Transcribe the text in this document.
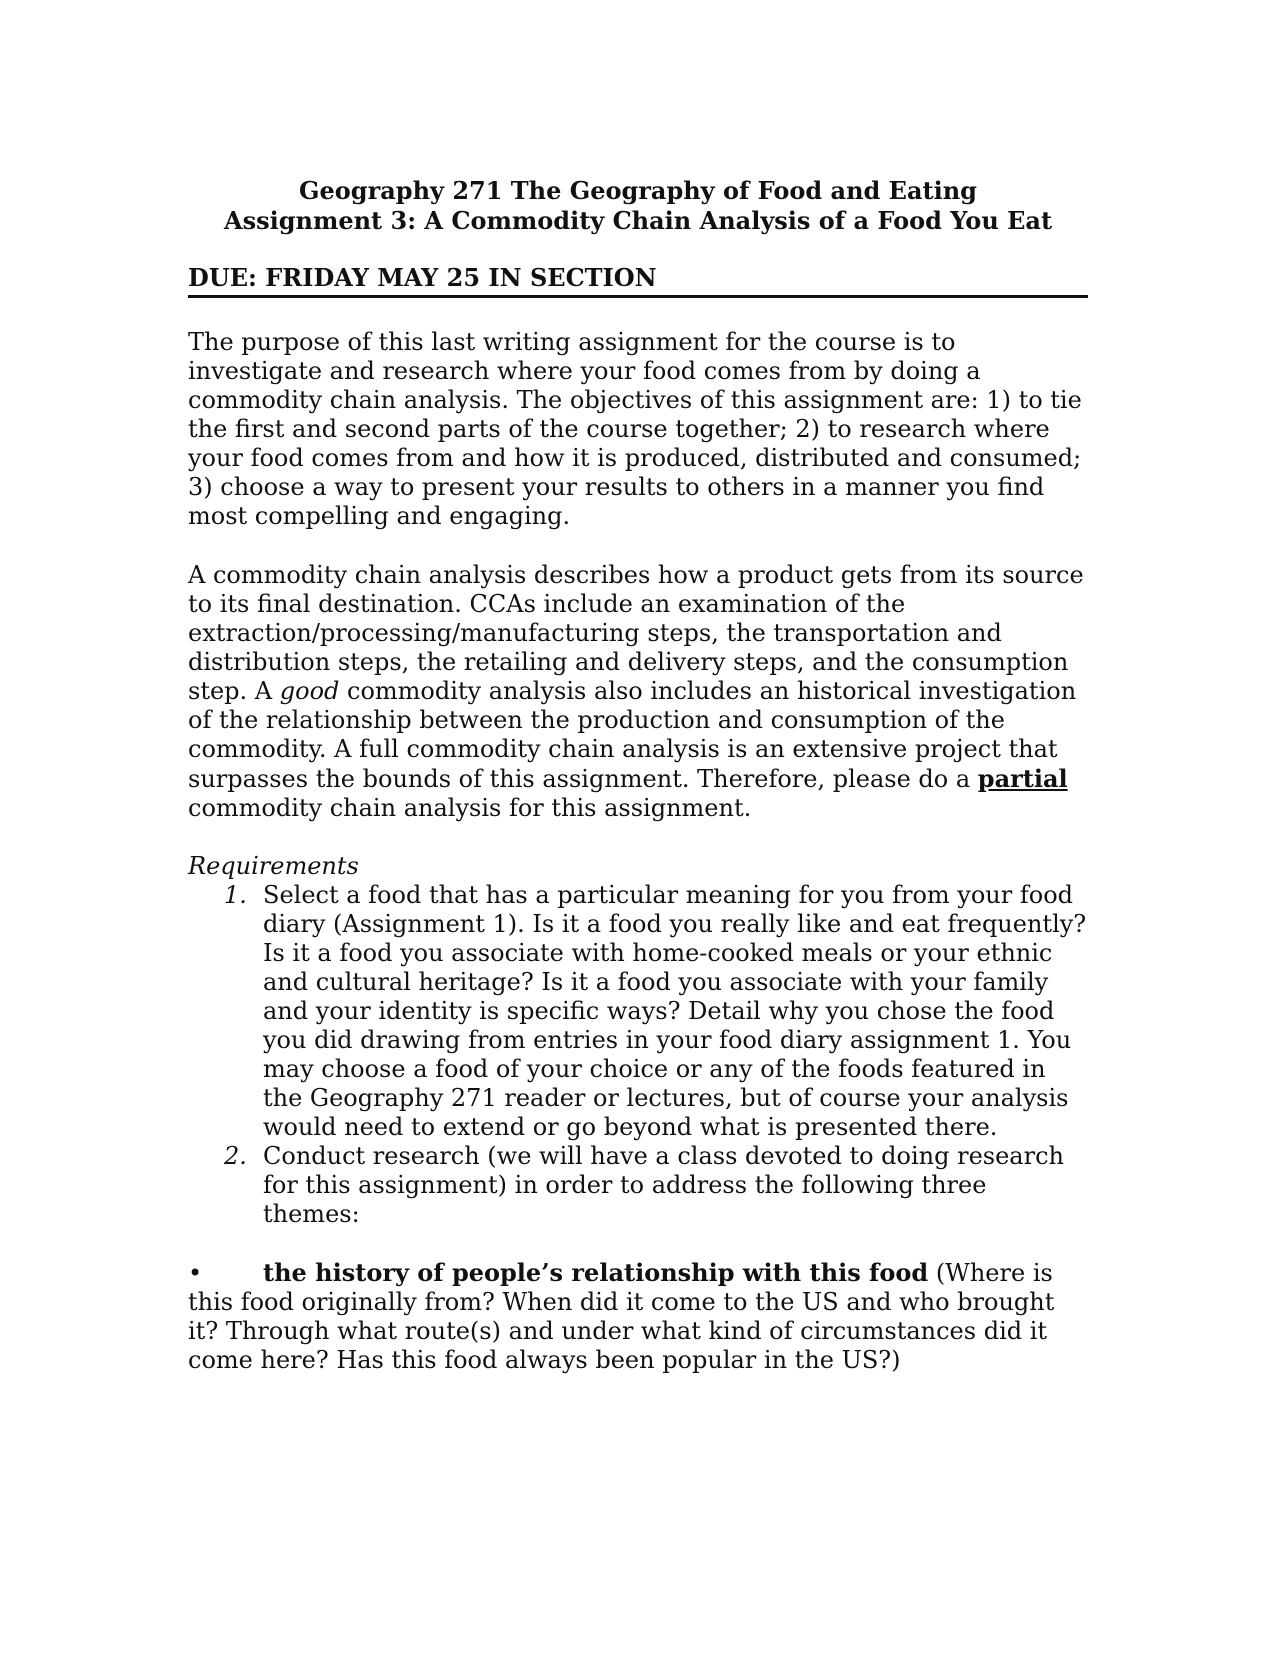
Geography 271 The Geography of Food and Eating
Assignment 3: A Commodity Chain Analysis of a Food You Eat
DUE: FRIDAY MAY 25 IN SECTION

The purpose of this last writing assignment for the course is to investigate and research where your food comes from by doing a commodity chain analysis. The objectives of this assignment are: 1) to tie the first and second parts of the course together; 2) to research where your food comes from and how it is produced, distributed and consumed; 3) choose a way to present your results to others in a manner you find most compelling and engaging.

A commodity chain analysis describes how a product gets from its source to its final destination. CCAs include an examination of the extraction/processing/manufacturing steps, the transportation and distribution steps, the retailing and delivery steps, and the consumption step. A good commodity analysis also includes an historical investigation of the relationship between the production and consumption of the commodity. A full commodity chain analysis is an extensive project that surpasses the bounds of this assignment. Therefore, please do a partial commodity chain analysis for this assignment.

Requirements
1. Select a food that has a particular meaning for you from your food diary (Assignment 1). Is it a food you really like and eat frequently? Is it a food you associate with home-cooked meals or your ethnic and cultural heritage? Is it a food you associate with your family and your identity is specific ways? Detail why you chose the food you did drawing from entries in your food diary assignment 1. You may choose a food of your choice or any of the foods featured in the Geography 271 reader or lectures, but of course your analysis would need to extend or go beyond what is presented there.
2. Conduct research (we will have a class devoted to doing research for this assignment) in order to address the following three themes:
•	the history of people’s relationship with this food (Where is this food originally from? When did it come to the US and who brought it? Through what route(s) and under what kind of circumstances did it come here? Has this food always been popular in the US?)
